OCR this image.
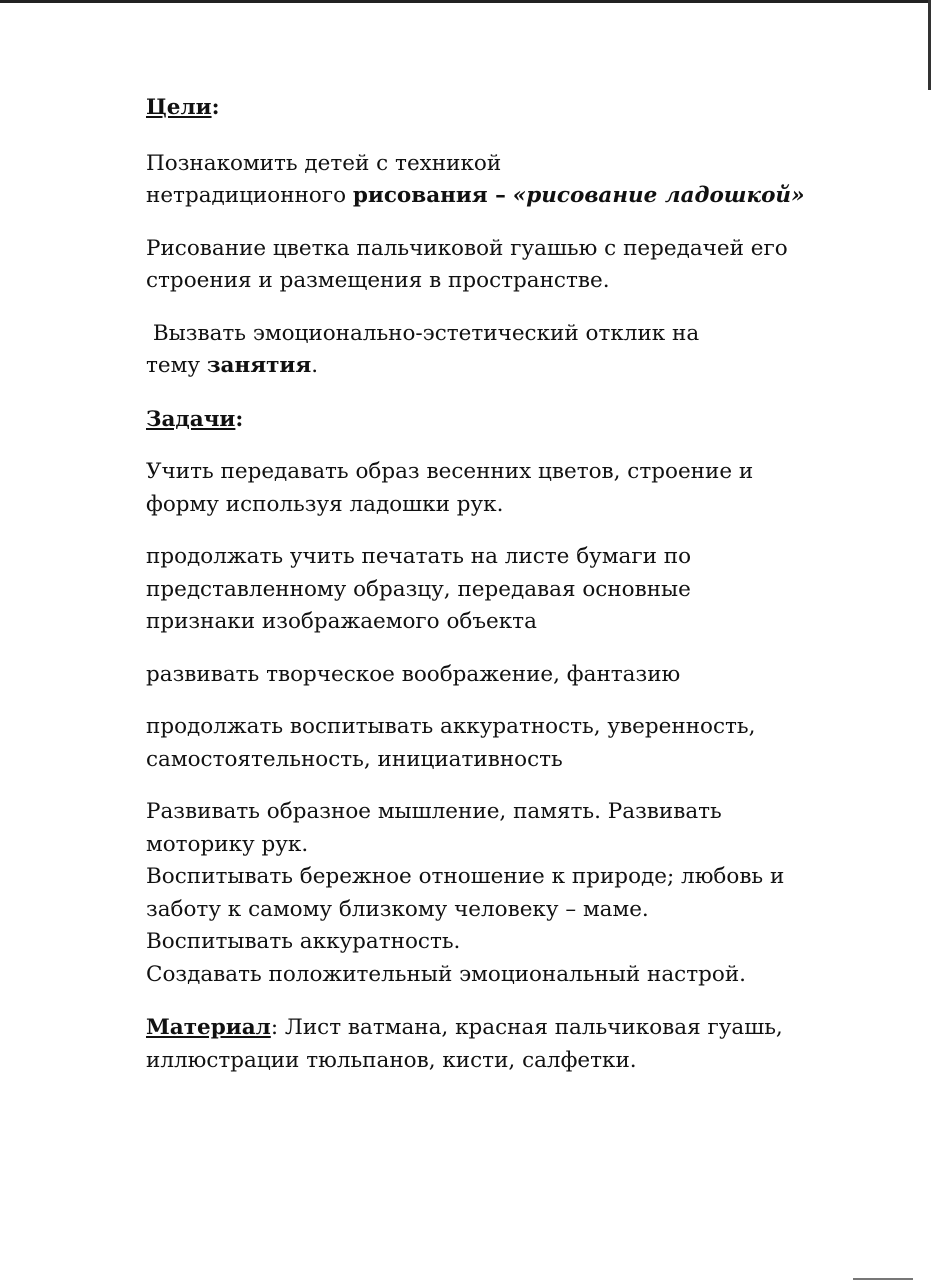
Цели:

Познакомить детей с техникой
нетрадиционного рисования – «рисование ладошкой»

Рисование цветка пальчиковой гуашью с передачей его
строения и размещения в пространстве.

Вызвать эмоционально-эстетический отклик на
тему занятия.

Задачи:

Учить передавать образ весенних цветов, строение и
форму используя ладошки рук.

продолжать учить печатать на листе бумаги по
представленному образцу, передавая основные
признаки изображаемого объекта

развивать творческое воображение, фантазию

продолжать воспитывать аккуратность, уверенность,
самостоятельность, инициативность

Развивать образное мышление, память. Развивать
моторику рук.
Воспитывать бережное отношение к природе; любовь и
заботу к самому близкому человеку – маме.
Воспитывать аккуратность.
Создавать положительный эмоциональный настрой.

Материал: Лист ватмана, красная пальчиковая гуашь,
иллюстрации тюльпанов, кисти, салфетки.
